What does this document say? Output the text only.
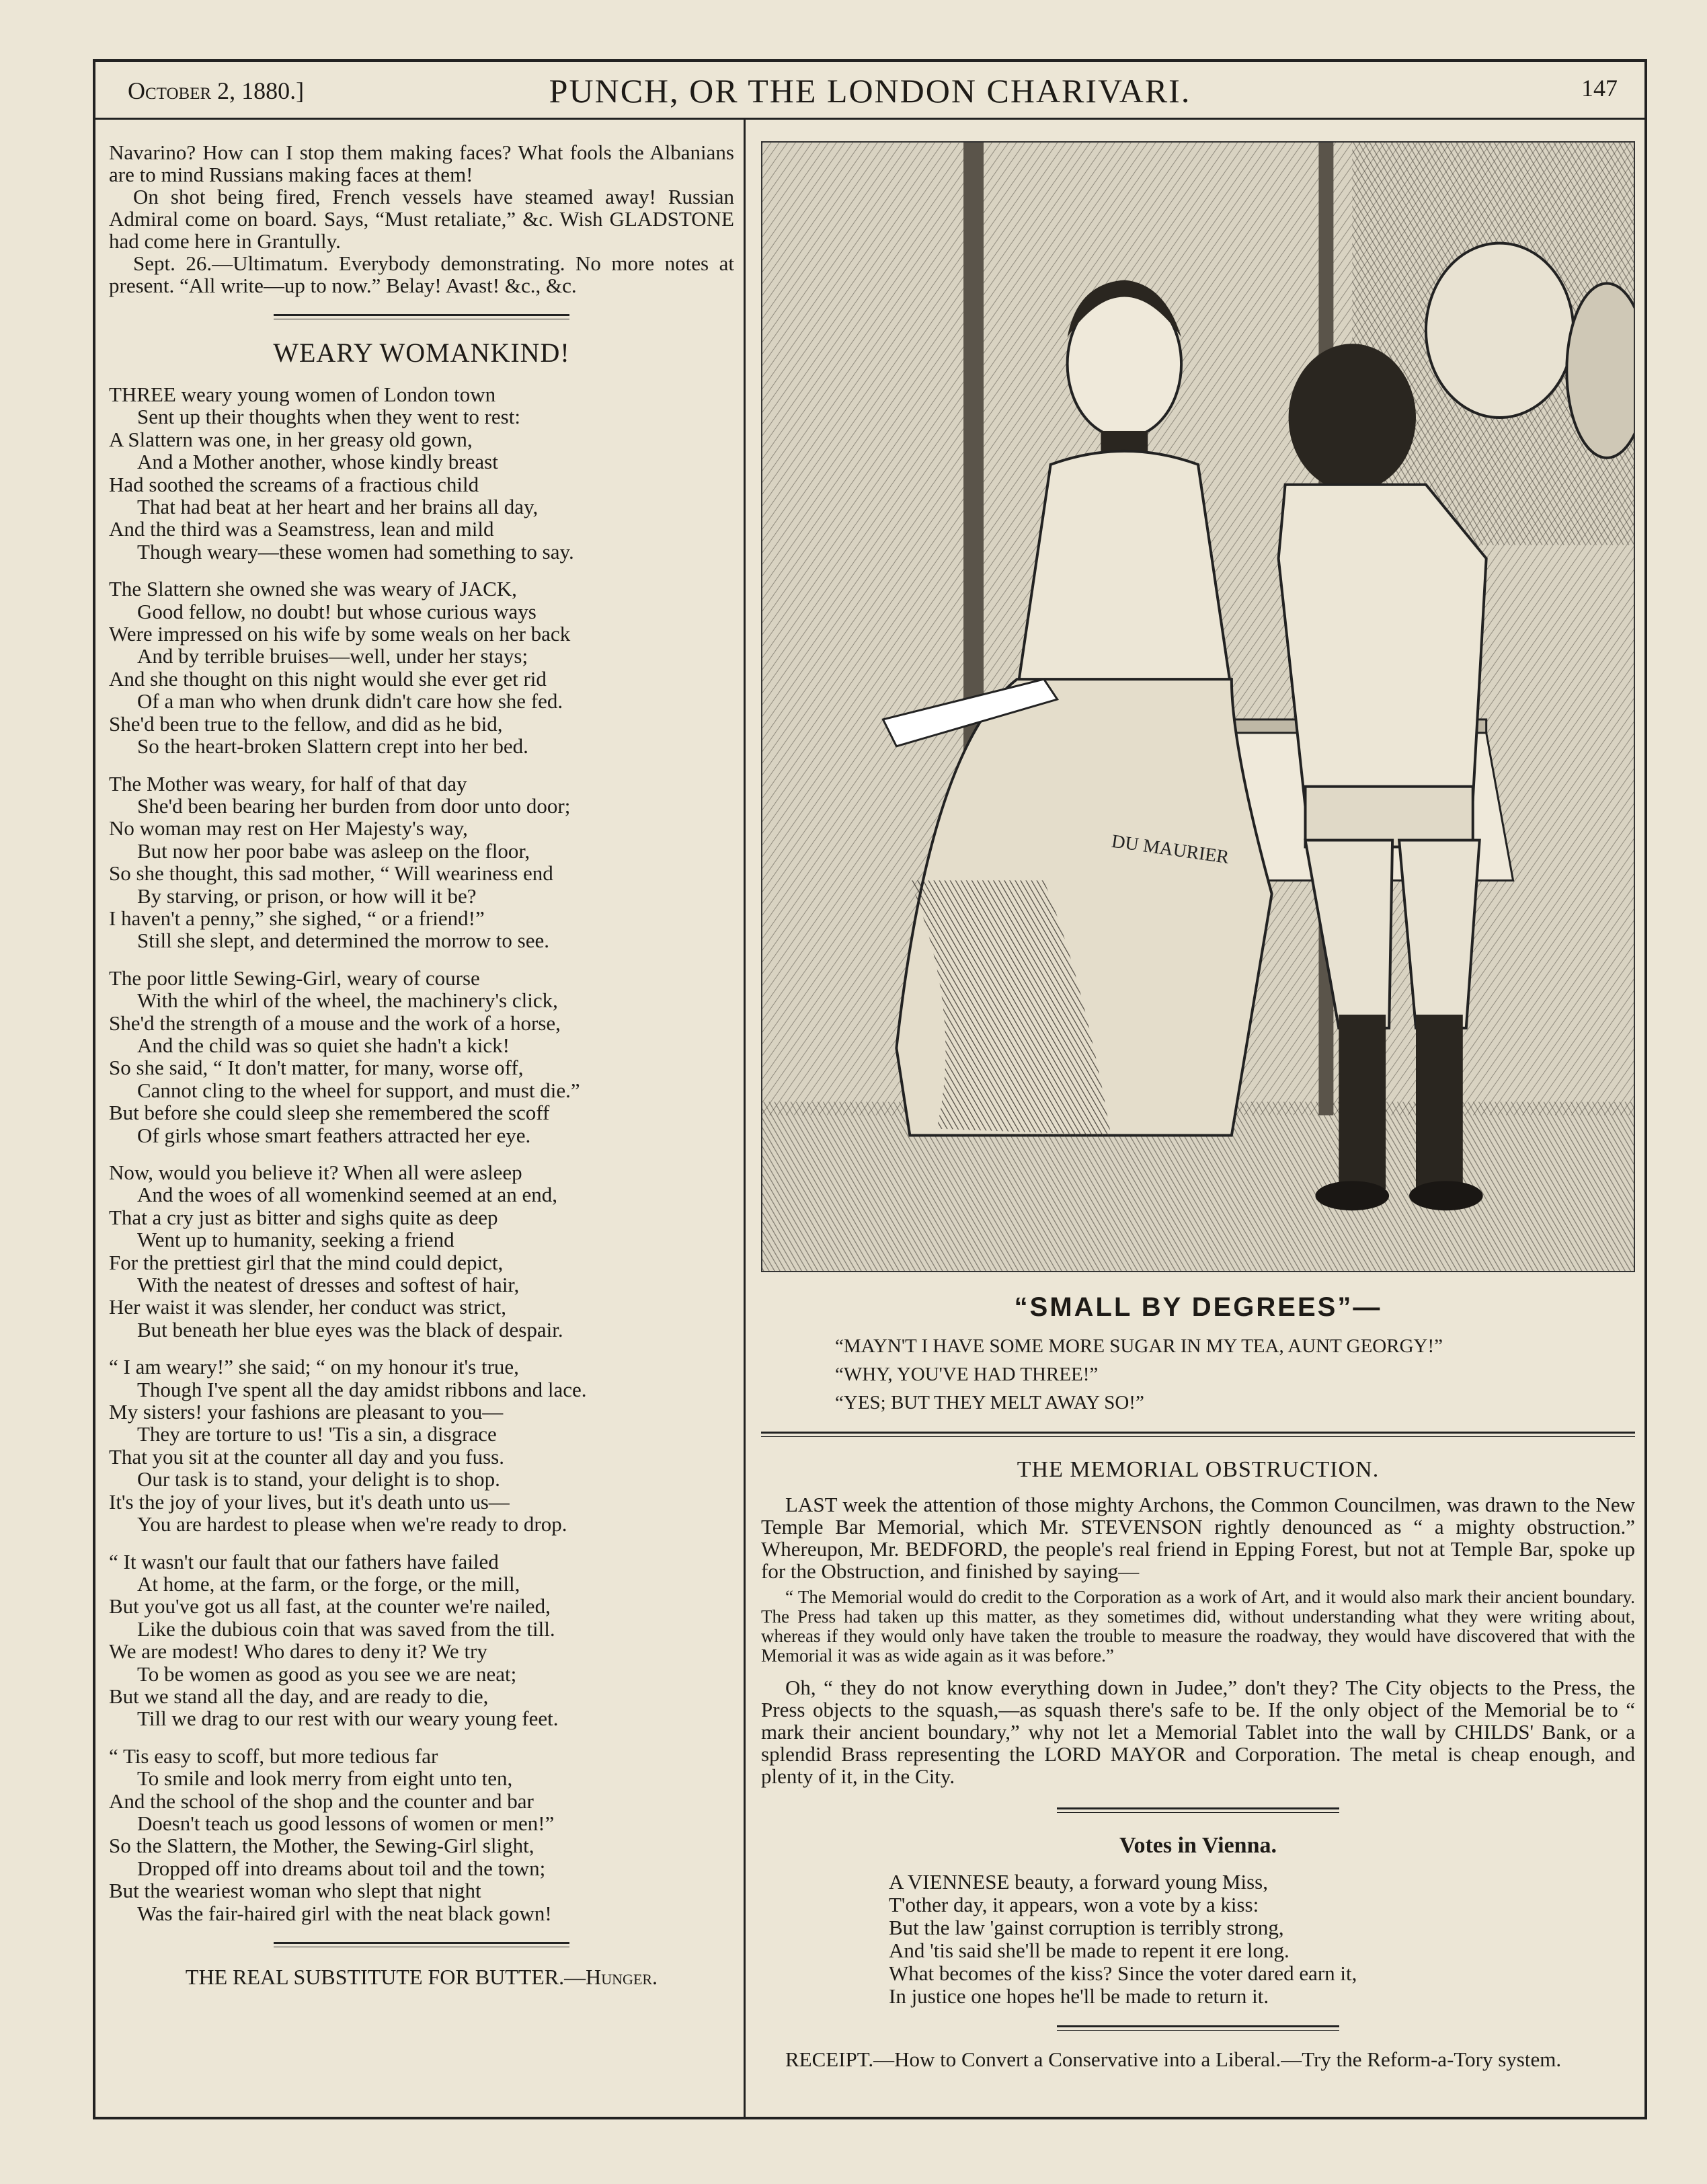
October 2, 1880.]	PUNCH, OR THE LONDON CHARIVARI.	147

Navarino? How can I stop them making faces? What fools the Albanians are to mind Russians making faces at them!

On shot being fired, French vessels have steamed away! Russian Admiral come on board. Says, “Must retaliate,” &c. Wish GLADSTONE had come here in Grantully.

Sept. 26.—Ultimatum. Everybody demonstrating. No more notes at present. “All write—up to now.” Belay! Avast! &c., &c.

WEARY WOMANKIND!
THREE weary young women of London town
Sent up their thoughts when they went to rest:
A Slattern was one, in her greasy old gown,
And a Mother another, whose kindly breast
Had soothed the screams of a fractious child
That had beat at her heart and her brains all day,
And the third was a Seamstress, lean and mild
Though weary—these women had something to say.
The Slattern she owned she was weary of JACK,
Good fellow, no doubt! but whose curious ways
Were impressed on his wife by some weals on her back
And by terrible bruises—well, under her stays;
And she thought on this night would she ever get rid
Of a man who when drunk didn't care how she fed.
She'd been true to the fellow, and did as he bid,
So the heart-broken Slattern crept into her bed.
The Mother was weary, for half of that day
She'd been bearing her burden from door unto door;
No woman may rest on Her Majesty's way,
But now her poor babe was asleep on the floor,
So she thought, this sad mother, “ Will weariness end
By starving, or prison, or how will it be?
I haven't a penny,” she sighed, “ or a friend!”
Still she slept, and determined the morrow to see.
The poor little Sewing-Girl, weary of course
With the whirl of the wheel, the machinery's click,
She'd the strength of a mouse and the work of a horse,
And the child was so quiet she hadn't a kick!
So she said, “ It don't matter, for many, worse off,
Cannot cling to the wheel for support, and must die.”
But before she could sleep she remembered the scoff
Of girls whose smart feathers attracted her eye.
Now, would you believe it? When all were asleep
And the woes of all womenkind seemed at an end,
That a cry just as bitter and sighs quite as deep
Went up to humanity, seeking a friend
For the prettiest girl that the mind could depict,
With the neatest of dresses and softest of hair,
Her waist it was slender, her conduct was strict,
But beneath her blue eyes was the black of despair.
“ I am weary!” she said; “ on my honour it's true,
Though I've spent all the day amidst ribbons and lace.
My sisters! your fashions are pleasant to you—
They are torture to us! 'Tis a sin, a disgrace
That you sit at the counter all day and you fuss.
Our task is to stand, your delight is to shop.
It's the joy of your lives, but it's death unto us—
You are hardest to please when we're ready to drop.
“ It wasn't our fault that our fathers have failed
At home, at the farm, or the forge, or the mill,
But you've got us all fast, at the counter we're nailed,
Like the dubious coin that was saved from the till.
We are modest! Who dares to deny it? We try
To be women as good as you see we are neat;
But we stand all the day, and are ready to die,
Till we drag to our rest with our weary young feet.
“ Tis easy to scoff, but more tedious far
To smile and look merry from eight unto ten,
And the school of the shop and the counter and bar
Doesn't teach us good lessons of women or men!”
So the Slattern, the Mother, the Sewing-Girl slight,
Dropped off into dreams about toil and the town;
But the weariest woman who slept that night
Was the fair-haired girl with the neat black gown!
THE REAL SUBSTITUTE FOR BUTTER.—Hunger.
DU MAURIER
“SMALL BY DEGREES”—
“MAYN'T I HAVE SOME MORE SUGAR IN MY TEA, AUNT GEORGY!”
“WHY, YOU'VE HAD THREE!”
“YES; BUT THEY MELT AWAY SO!”
THE MEMORIAL OBSTRUCTION.

LAST week the attention of those mighty Archons, the Common Councilmen, was drawn to the New Temple Bar Memorial, which Mr. STEVENSON rightly denounced as “ a mighty obstruction.” Whereupon, Mr. BEDFORD, the people's real friend in Epping Forest, but not at Temple Bar, spoke up for the Obstruction, and finished by saying—

“ The Memorial would do credit to the Corporation as a work of Art, and it would also mark their ancient boundary. The Press had taken up this matter, as they sometimes did, without understanding what they were writing about, whereas if they would only have taken the trouble to measure the roadway, they would have discovered that with the Memorial it was as wide again as it was before.”

Oh, “ they do not know everything down in Judee,” don't they? The City objects to the Press, the Press objects to the squash,—as squash there's safe to be. If the only object of the Memorial be to “ mark their ancient boundary,” why not let a Memorial Tablet into the wall by CHILDS' Bank, or a splendid Brass representing the LORD MAYOR and Corporation. The metal is cheap enough, and plenty of it, in the City.

Votes in Vienna.
A VIENNESE beauty, a forward young Miss,
T'other day, it appears, won a vote by a kiss:
But the law 'gainst corruption is terribly strong,
And 'tis said she'll be made to repent it ere long.
What becomes of the kiss? Since the voter dared earn it,
In justice one hopes he'll be made to return it.

RECEIPT.—How to Convert a Conservative into a Liberal.—Try the Reform-a-Tory system.
